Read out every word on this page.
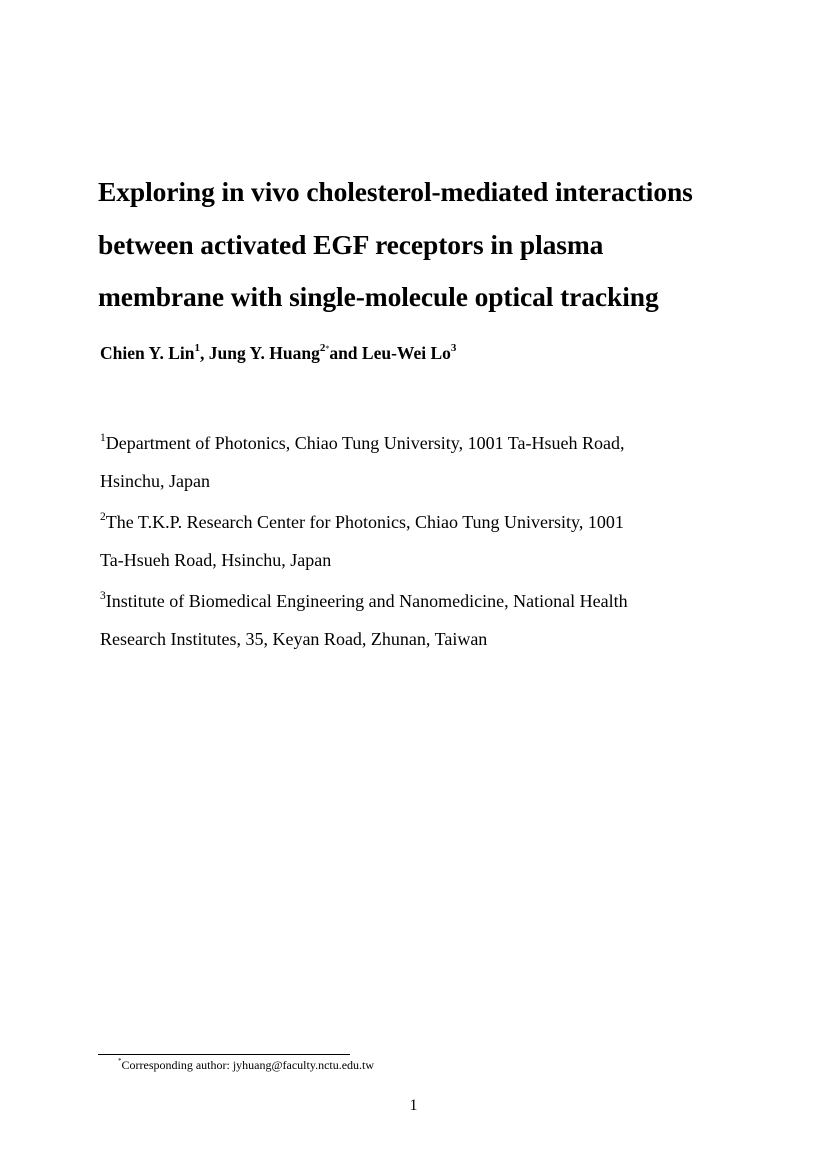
Exploring in vivo cholesterol-mediated interactions
between activated EGF receptors in plasma
membrane with single-molecule optical tracking
Chien Y. Lin$^1$, Jung Y. Huang$^{2*}$and Leu-Wei Lo$^3$
$^1$Department of Photonics, Chiao Tung University, 1001 Ta-Hsueh Road,
Hsinchu, Japan
$^2$The T.K.P. Research Center for Photonics, Chiao Tung University, 1001
Ta-Hsueh Road, Hsinchu, Japan
$^3$Institute of Biomedical Engineering and Nanomedicine, National Health
Research Institutes, 35, Keyan Road, Zhunan, Taiwan
*Corresponding author: jyhuang@faculty.nctu.edu.tw
1
